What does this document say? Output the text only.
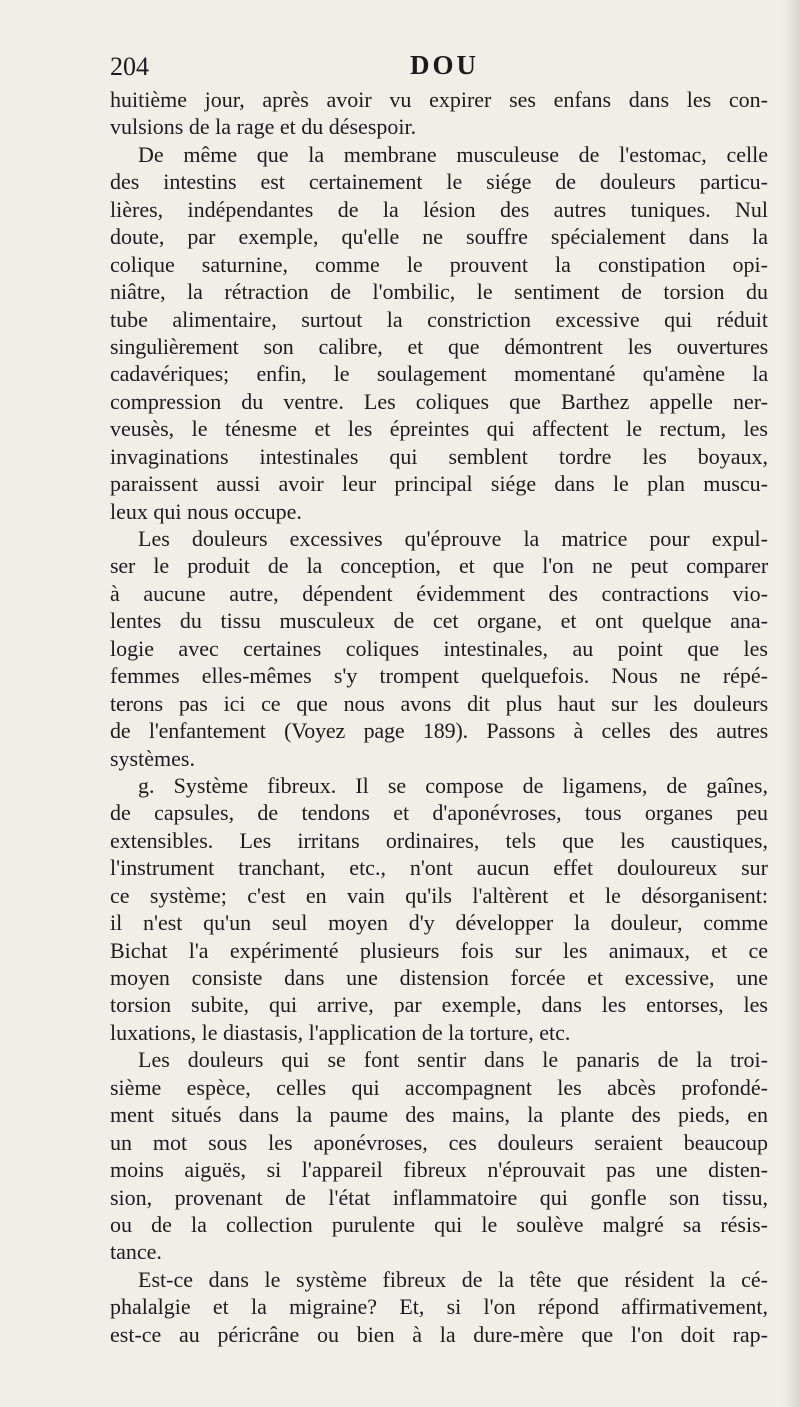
204	DOU
huitième jour, après avoir vu expirer ses enfans dans les con-
vulsions de la rage et du désespoir.
De même que la membrane musculeuse de l'estomac, celle
des intestins est certainement le siége de douleurs particu-
lières, indépendantes de la lésion des autres tuniques. Nul
doute, par exemple, qu'elle ne souffre spécialement dans la
colique saturnine, comme le prouvent la constipation opi-
niâtre, la rétraction de l'ombilic, le sentiment de torsion du
tube alimentaire, surtout la constriction excessive qui réduit
singulièrement son calibre, et que démontrent les ouvertures
cadavériques; enfin, le soulagement momentané qu'amène la
compression du ventre. Les coliques que Barthez appelle ner-
veusès, le ténesme et les épreintes qui affectent le rectum, les
invaginations intestinales qui semblent tordre les boyaux,
paraissent aussi avoir leur principal siége dans le plan muscu-
leux qui nous occupe.
Les douleurs excessives qu'éprouve la matrice pour expul-
ser le produit de la conception, et que l'on ne peut comparer
à aucune autre, dépendent évidemment des contractions vio-
lentes du tissu musculeux de cet organe, et ont quelque ana-
logie avec certaines coliques intestinales, au point que les
femmes elles-mêmes s'y trompent quelquefois. Nous ne répé-
terons pas ici ce que nous avons dit plus haut sur les douleurs
de l'enfantement (Voyez page 189). Passons à celles des autres
systèmes.
g. Système fibreux. Il se compose de ligamens, de gaînes,
de capsules, de tendons et d'aponévroses, tous organes peu
extensibles. Les irritans ordinaires, tels que les caustiques,
l'instrument tranchant, etc., n'ont aucun effet douloureux sur
ce système; c'est en vain qu'ils l'altèrent et le désorganisent:
il n'est qu'un seul moyen d'y développer la douleur, comme
Bichat l'a expérimenté plusieurs fois sur les animaux, et ce
moyen consiste dans une distension forcée et excessive, une
torsion subite, qui arrive, par exemple, dans les entorses, les
luxations, le diastasis, l'application de la torture, etc.
Les douleurs qui se font sentir dans le panaris de la troi-
sième espèce, celles qui accompagnent les abcès profondé-
ment situés dans la paume des mains, la plante des pieds, en
un mot sous les aponévroses, ces douleurs seraient beaucoup
moins aiguës, si l'appareil fibreux n'éprouvait pas une disten-
sion, provenant de l'état inflammatoire qui gonfle son tissu,
ou de la collection purulente qui le soulève malgré sa résis-
tance.
Est-ce dans le système fibreux de la tête que résident la cé-
phalalgie et la migraine? Et, si l'on répond affirmativement,
est-ce au péricrâne ou bien à la dure-mère que l'on doit rap-
